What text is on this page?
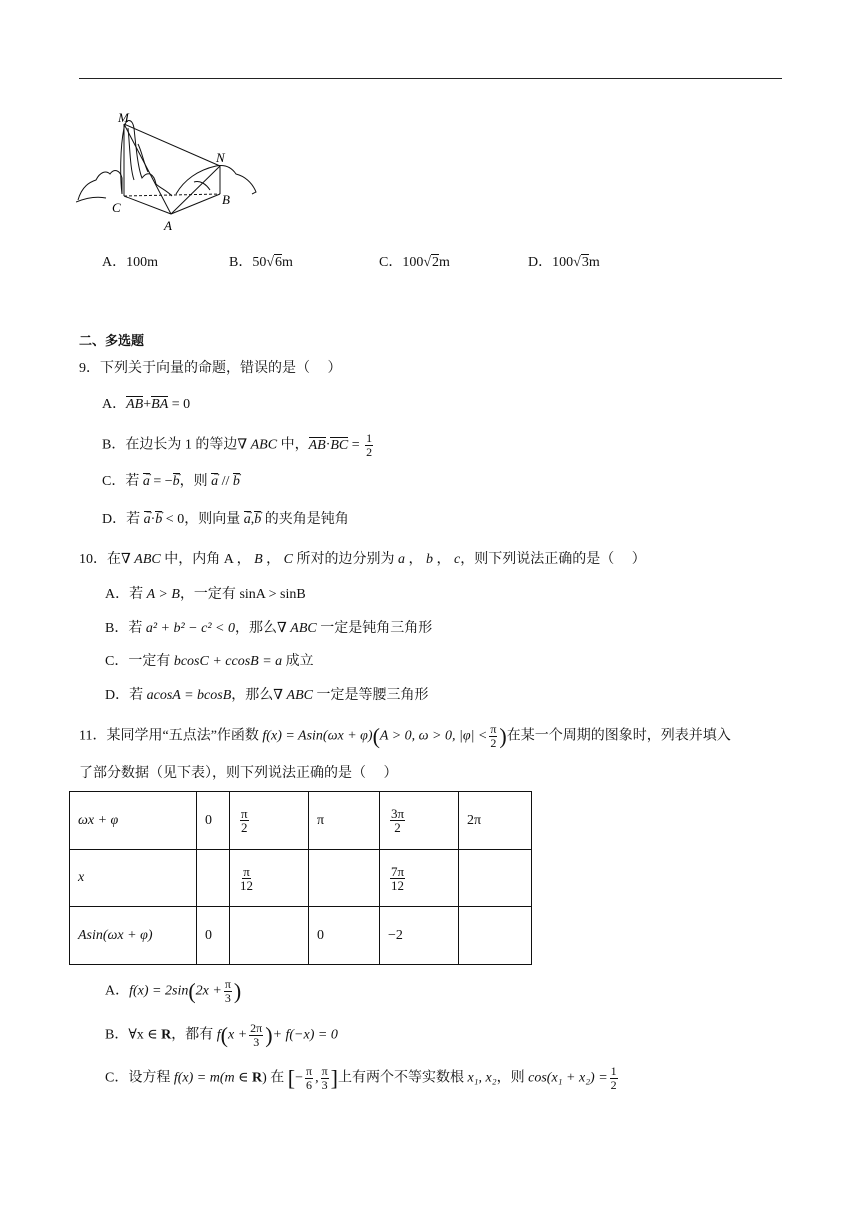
M
N
C
B
A
A．100m	B．50√6m	C．100√2m	D．100√3m
二、多选题
9．下列关于向量的命题，错误的是（　 ）
A．AB+BA = 0
B．在边长为 1 的等边∇ ABC 中，$AB\cdot BC = \frac{1}{2}$
C．若 a → = −b →，则 a → // b →
D．若 a →·b → < 0，则向量 a →,b → 的夹角是钝角
10．在∇ ABC 中，内角 A ， B ， C 所对的边分别为 a ， b ， c，则下列说法正确的是（　 ）
A．若 A > B，一定有 sinA > sinB
B．若 a² + b² − c² < 0，那么∇ ABC 一定是钝角三角形
C．一定有 bcosC + ccosB = a 成立
D．若 acosA = bcosB，那么∇ ABC 一定是等腰三角形
11．某同学用“五点法”作函数 f(x) = Asin(ωx + φ)(A > 0, ω > 0, $|\varphi| < \frac{\pi}{2}$ )在某一个周期的图象时，列表并填入
了部分数据（见下表），则下列说法正确的是（　 ）
ωx + φ	0	$\frac{\pi}{2}$	π	$\frac{3\pi}{2}$	2π
x		$\frac{\pi}{12}$		$\frac{7\pi}{12}$

Asin(ωx + φ)	0		0	−2	
A．$f(x) = 2\sin(2x + \frac{\pi}{3}$ )
B．∀x ∈ R，都有 $f(x + \frac{2\pi}{3}$ )+ f(−x) = 0
C．设方程 f(x) = m(m ∈ R) 在 [− $\frac{\pi}{6}$ , $\frac{\pi}{3}$ ]上有两个不等实数根 x₁, x₂，则 $\cos(x_1 + x_2) = \frac{1}{2}$
